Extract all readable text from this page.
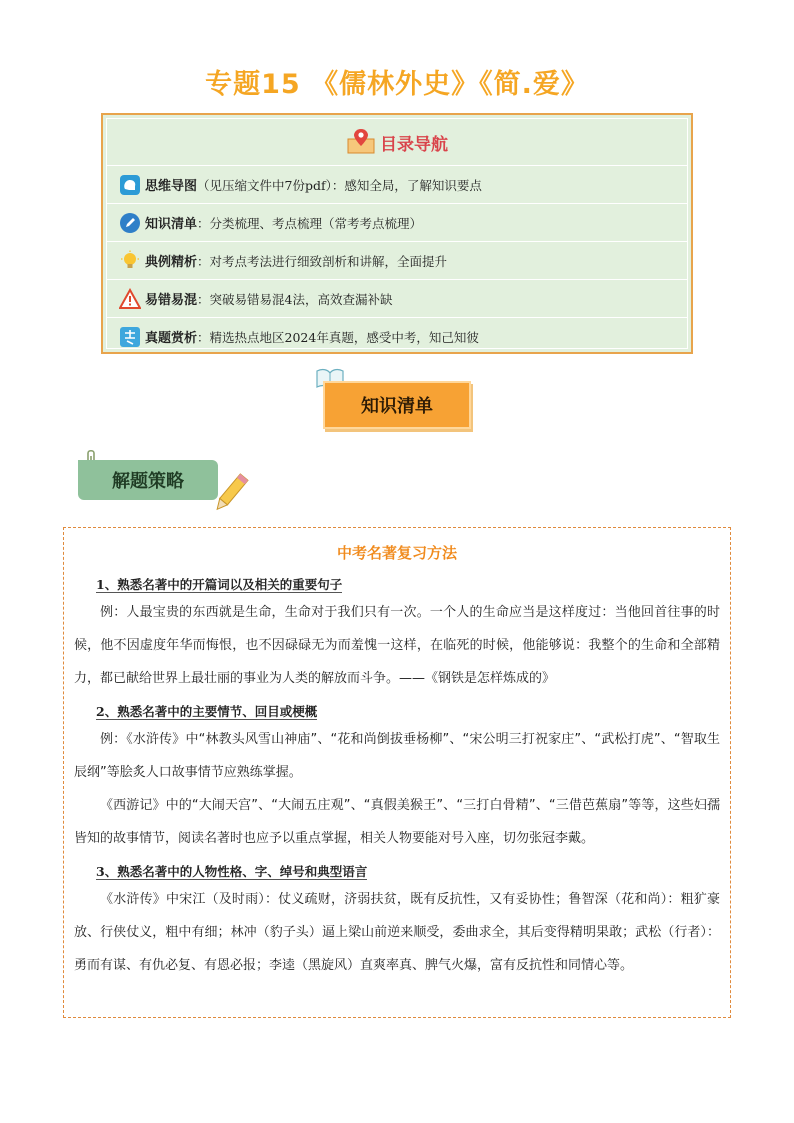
专题15 《儒林外史》《简.爱》
目录导航
思维导图 （见压缩文件中7份pdf）：感知全局，了解知识要点
知识清单 ：分类梳理、考点梳理（常考考点梳理）
典例精析 ：对考点考法进行细致剖析和讲解，全面提升
易错易混 ：突破易错易混4法，高效查漏补缺
真题赏析 ：精选热点地区2024年真题，感受中考，知己知彼
知识清单
解题策略
中考名著复习方法
1、熟悉名著中的开篇词以及相关的重要句子

例：人最宝贵的东西就是生命，生命对于我们只有一次。一个人的生命应当是这样度过：当他回首往事的时候，他不因虚度年华而悔恨，也不因碌碌无为而羞愧一这样，在临死的时候，他能够说：我整个的生命和全部精力，都已献给世界上最壮丽的事业为人类的解放而斗争。——《钢铁是怎样炼成的》

2、熟悉名著中的主要情节、回目或梗概

例：《水浒传》中“林教头风雪山神庙”、“花和尚倒拔垂杨柳”、“宋公明三打祝家庄”、“武松打虎”、“智取生辰纲”等脍炙人口故事情节应熟练掌握。

《西游记》中的“大闹天宫”、“大闹五庄观”、“真假美猴王”、“三打白骨精”、“三借芭蕉扇”等等，这些妇孺皆知的故事情节，阅读名著时也应予以重点掌握，相关人物要能对号入座，切勿张冠李戴。

3、熟悉名著中的人物性格、字、绰号和典型语言

《水浒传》中宋江（及时雨）：仗义疏财，济弱扶贫，既有反抗性，又有妥协性；鲁智深（花和尚）：粗犷豪放、行侠仗义，粗中有细；林冲（豹子头）逼上梁山前逆来顺受，委曲求全，其后变得精明果敢；武松（行者）：勇而有谋、有仇必复、有恩必报；李逵（黑旋风）直爽率真、脾气火爆，富有反抗性和同情心等。
